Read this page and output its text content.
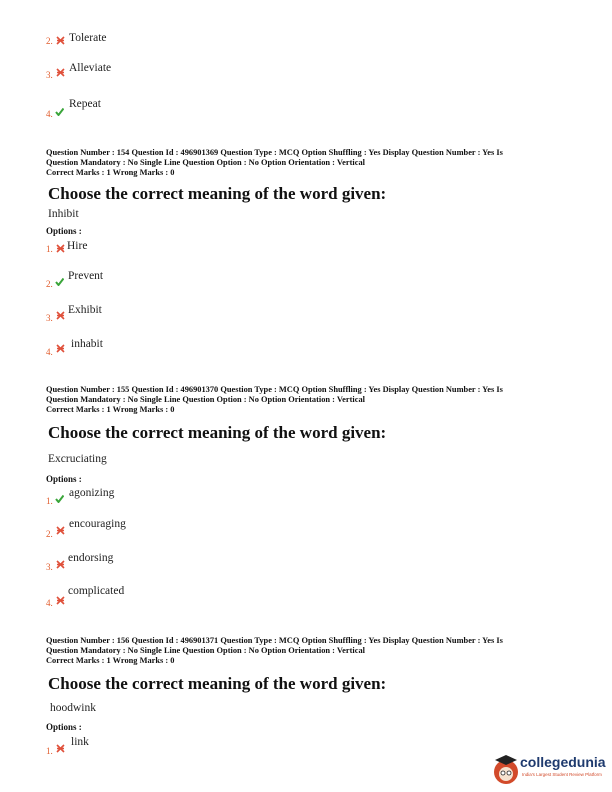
2. Tolerate
3.
Alleviate
4.
Repeat
Question Number : 154 Question Id : 496901369 Question Type : MCQ Option Shuffling : Yes Display Question Number : Yes Is
Question Mandatory : No Single Line Question Option : No Option Orientation : Vertical
Correct Marks : 1 Wrong Marks : 0
Choose the correct meaning of the word given:
Inhibit
Options :
1. Hire
2.
Prevent
3.
Exhibit
4.
inhabit
Question Number : 155 Question Id : 496901370 Question Type : MCQ Option Shuffling : Yes Display Question Number : Yes Is
Question Mandatory : No Single Line Question Option : No Option Orientation : Vertical
Correct Marks : 1 Wrong Marks : 0
Choose the correct meaning of the word given:
Excruciating
Options :
1.
agonizing
2.
encouraging
3.
endorsing
4.
complicated
Question Number : 156 Question Id : 496901371 Question Type : MCQ Option Shuffling : Yes Display Question Number : Yes Is
Question Mandatory : No Single Line Question Option : No Option Orientation : Vertical
Correct Marks : 1 Wrong Marks : 0
Choose the correct meaning of the word given:
hoodwink
Options :
1.
link
collegedunia
India's Largest Student Review Platform
